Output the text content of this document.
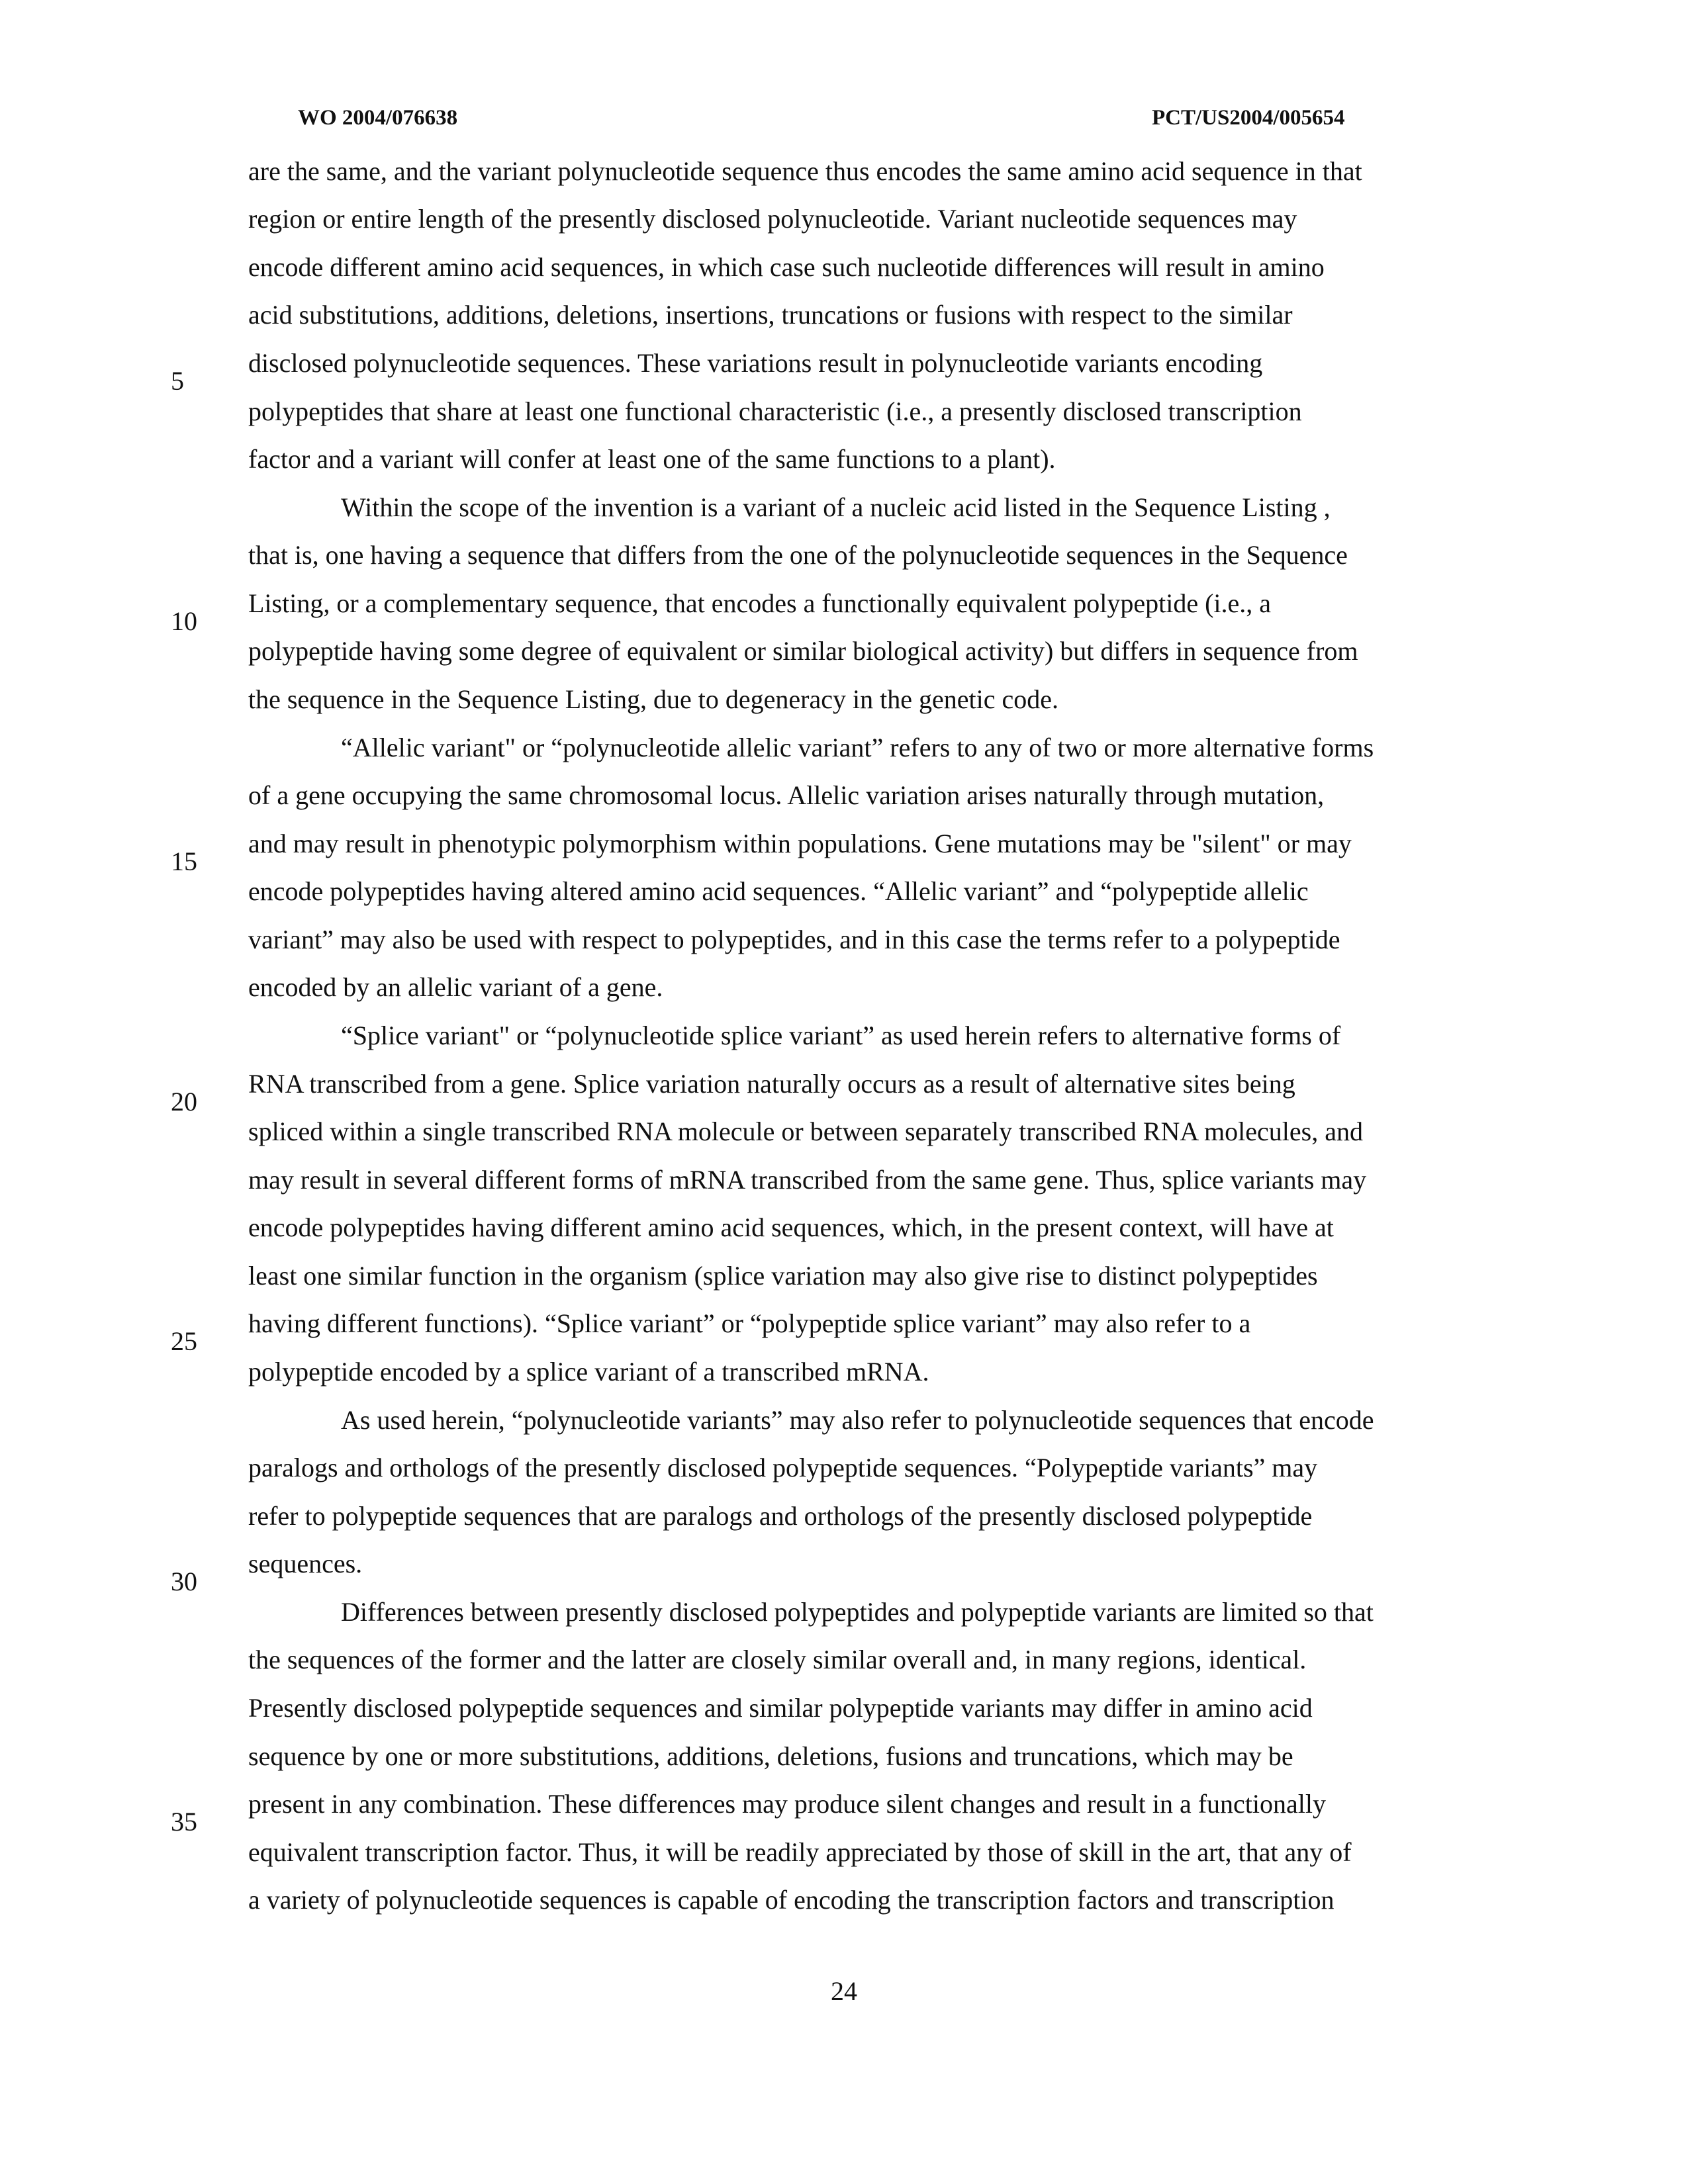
WO 2004/076638	PCT/US2004/005654
are the same, and the variant polynucleotide sequence thus encodes the same amino acid sequence in that
region or entire length of the presently disclosed polynucleotide. Variant nucleotide sequences may
encode different amino acid sequences, in which case such nucleotide differences will result in amino
acid substitutions, additions, deletions, insertions, truncations or fusions with respect to the similar
disclosed polynucleotide sequences. These variations result in polynucleotide variants encoding
polypeptides that share at least one functional characteristic (i.e., a presently disclosed transcription
factor and a variant will confer at least one of the same functions to a plant).
Within the scope of the invention is a variant of a nucleic acid listed in the Sequence Listing ,
that is, one having a sequence that differs from the one of the polynucleotide sequences in the Sequence
Listing, or a complementary sequence, that encodes a functionally equivalent polypeptide (i.e., a
polypeptide having some degree of equivalent or similar biological activity) but differs in sequence from
the sequence in the Sequence Listing, due to degeneracy in the genetic code.
“Allelic variant" or “polynucleotide allelic variant” refers to any of two or more alternative forms
of a gene occupying the same chromosomal locus. Allelic variation arises naturally through mutation,
and may result in phenotypic polymorphism within populations. Gene mutations may be "silent" or may
encode polypeptides having altered amino acid sequences. “Allelic variant” and “polypeptide allelic
variant” may also be used with respect to polypeptides, and in this case the terms refer to a polypeptide
encoded by an allelic variant of a gene.
“Splice variant" or “polynucleotide splice variant” as used herein refers to alternative forms of
RNA transcribed from a gene. Splice variation naturally occurs as a result of alternative sites being
spliced within a single transcribed RNA molecule or between separately transcribed RNA molecules, and
may result in several different forms of mRNA transcribed from the same gene. Thus, splice variants may
encode polypeptides having different amino acid sequences, which, in the present context, will have at
least one similar function in the organism (splice variation may also give rise to distinct polypeptides
having different functions). “Splice variant” or “polypeptide splice variant” may also refer to a
polypeptide encoded by a splice variant of a transcribed mRNA.
As used herein, “polynucleotide variants” may also refer to polynucleotide sequences that encode
paralogs and orthologs of the presently disclosed polypeptide sequences. “Polypeptide variants” may
refer to polypeptide sequences that are paralogs and orthologs of the presently disclosed polypeptide
sequences.
Differences between presently disclosed polypeptides and polypeptide variants are limited so that
the sequences of the former and the latter are closely similar overall and, in many regions, identical.
Presently disclosed polypeptide sequences and similar polypeptide variants may differ in amino acid
sequence by one or more substitutions, additions, deletions, fusions and truncations, which may be
present in any combination. These differences may produce silent changes and result in a functionally
equivalent transcription factor. Thus, it will be readily appreciated by those of skill in the art, that any of
a variety of polynucleotide sequences is capable of encoding the transcription factors and transcription
5
10
15
20
25
30
35
24
